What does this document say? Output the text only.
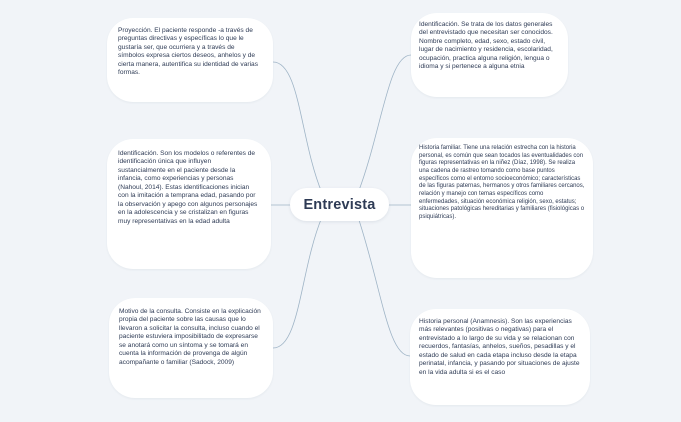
Proyección. El paciente responde -a través de preguntas directivas y específicas lo que le gustaría ser, que ocurriera y a través de símbolos expresa ciertos deseos, anhelos y de cierta manera, autentifica su identidad de varias formas.
Identificación. Son los modelos o referentes de identificación única que influyen sustancialmente en el paciente desde la infancia, como experiencias y personas (Nahoul, 2014). Estas identificaciones inician con la imitación a temprana edad, pasando por la observación y apego con algunos personajes en la adolescencia y se cristalizan en figuras muy representativas en la edad adulta
Motivo de la consulta. Consiste en la explicación propia del paciente sobre las causas que lo llevaron a solicitar la consulta, incluso cuando el paciente estuviera imposibilitado de expresarse se anotará como un síntoma y se tomará en cuenta la información de provenga de algún acompañante o familiar (Sadock, 2009)
Entrevista
Identificación. Se trata de los datos generales del entrevistado que necesitan ser conocidos. Nombre completo, edad, sexo, estado civil, lugar de nacimiento y residencia, escolaridad, ocupación, practica alguna religión, lengua o idioma y si pertenece a alguna etnia
Historia familiar. Tiene una relación estrecha con la historia personal, es común que sean tocados las eventualidades con figuras representativas en la niñez (Díaz, 1998). Se realiza una cadena de rastreo tomando como base puntos específicos como el entorno socioeconómico; características de las figuras paternas, hermanos y otros familiares cercanos, relación y manejo con temas específicos como enfermedades, situación económica religión, sexo, estatus; situaciones patológicas hereditarias y familiares (fisiológicas o psiquiátricas).
Historia personal (Anamnesis). Son las experiencias más relevantes (positivas o negativas) para el entrevistado a lo largo de su vida y se relacionan con recuerdos, fantasías, anhelos, sueños, pesadillas y el estado de salud en cada etapa incluso desde la etapa perinatal, infancia, y pasando por situaciones de ajuste en la vida adulta si es el caso
